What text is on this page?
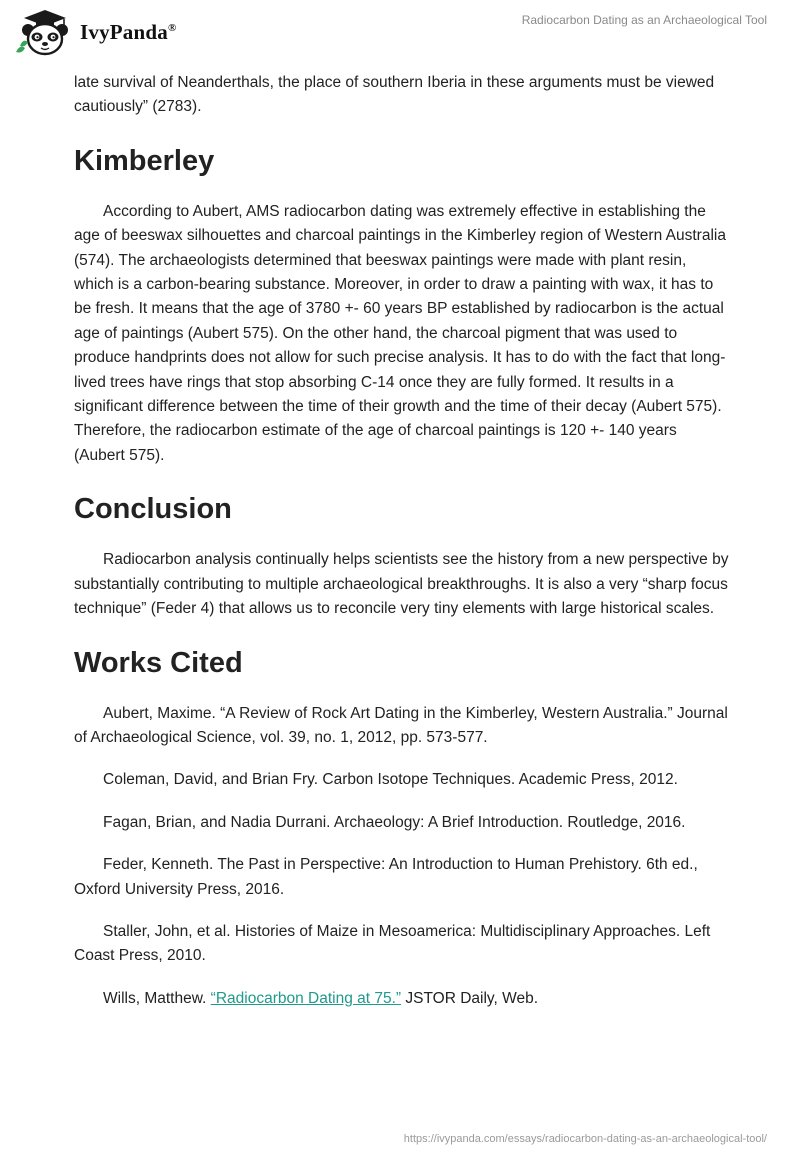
IvyPanda®
Radiocarbon Dating as an Archaeological Tool

late survival of Neanderthals, the place of southern Iberia in these arguments must be viewed cautiously” (2783).

Kimberley

According to Aubert, AMS radiocarbon dating was extremely effective in establishing the age of beeswax silhouettes and charcoal paintings in the Kimberley region of Western Australia (574). The archaeologists determined that beeswax paintings were made with plant resin, which is a carbon-bearing substance. Moreover, in order to draw a painting with wax, it has to be fresh. It means that the age of 3780 +- 60 years BP established by radiocarbon is the actual age of paintings (Aubert 575). On the other hand, the charcoal pigment that was used to produce handprints does not allow for such precise analysis. It has to do with the fact that long-lived trees have rings that stop absorbing C-14 once they are fully formed. It results in a significant difference between the time of their growth and the time of their decay (Aubert 575). Therefore, the radiocarbon estimate of the age of charcoal paintings is 120 +- 140 years (Aubert 575).

Conclusion

Radiocarbon analysis continually helps scientists see the history from a new perspective by substantially contributing to multiple archaeological breakthroughs. It is also a very “sharp focus technique” (Feder 4) that allows us to reconcile very tiny elements with large historical scales.

Works Cited

Aubert, Maxime. “A Review of Rock Art Dating in the Kimberley, Western Australia.” Journal of Archaeological Science, vol. 39, no. 1, 2012, pp. 573-577.

Coleman, David, and Brian Fry. Carbon Isotope Techniques. Academic Press, 2012.

Fagan, Brian, and Nadia Durrani. Archaeology: A Brief Introduction. Routledge, 2016.

Feder, Kenneth. The Past in Perspective: An Introduction to Human Prehistory. 6th ed., Oxford University Press, 2016.

Staller, John, et al. Histories of Maize in Mesoamerica: Multidisciplinary Approaches. Left Coast Press, 2010.

Wills, Matthew. “Radiocarbon Dating at 75.” JSTOR Daily, Web.

https://ivypanda.com/essays/radiocarbon-dating-as-an-archaeological-tool/
